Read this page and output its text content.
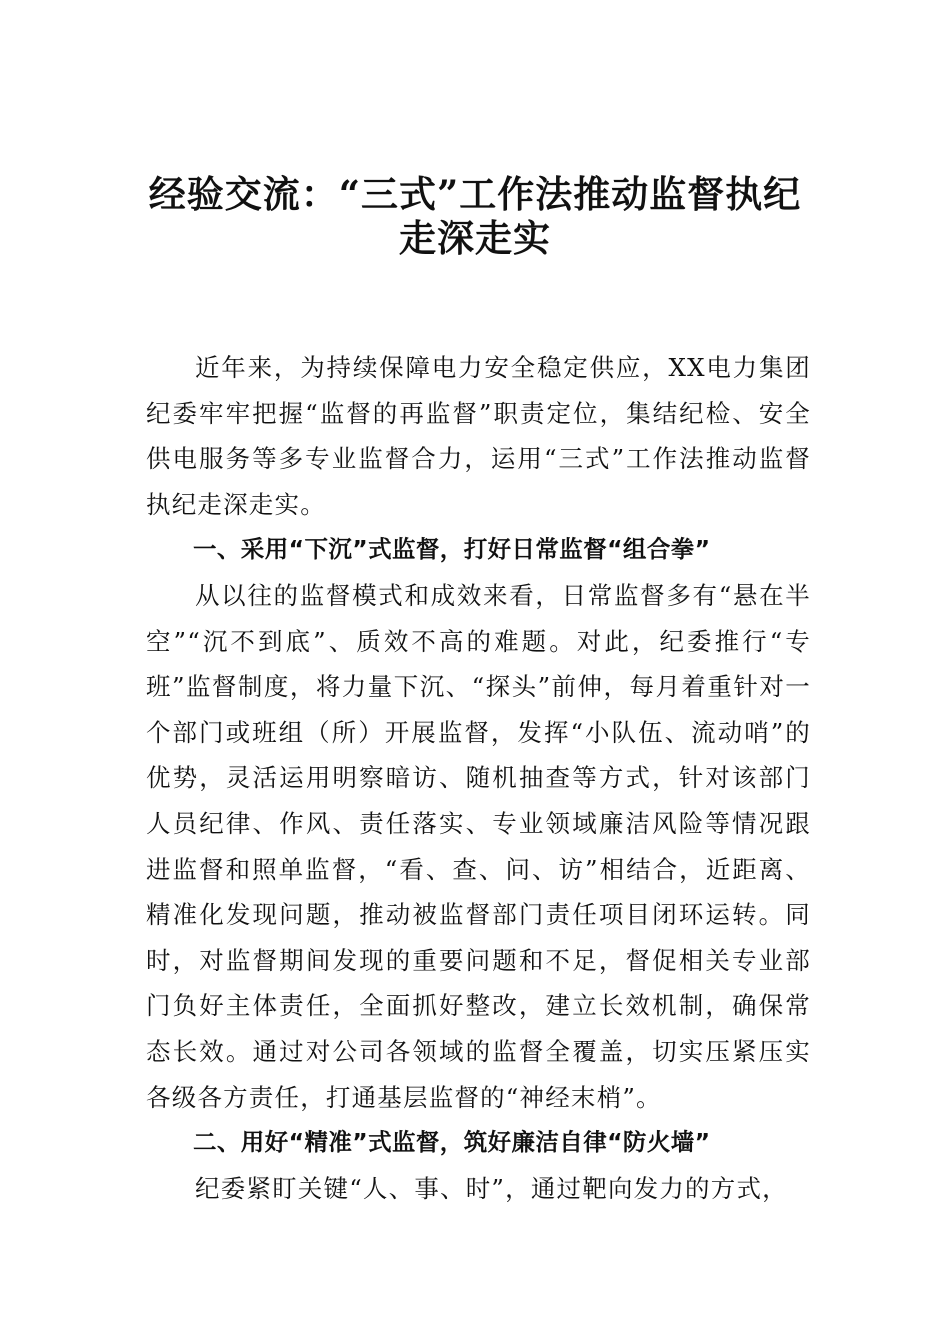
经验交流：“三式”工作法推动监督执纪
走深走实

近年来，为持续保障电力安全稳定供应，XX电力集团纪委牢牢把握“监督的再监督”职责定位，集结纪检、安全供电服务等多专业监督合力，运用“三式”工作法推动监督执纪走深走实。

一、采用“下沉”式监督，打好日常监督“组合拳”

从以往的监督模式和成效来看，日常监督多有“悬在半空”“沉不到底”、质效不高的难题。对此，纪委推行“专班”监督制度，将力量下沉、“探头”前伸，每月着重针对一个部门或班组（所）开展监督，发挥“小队伍、流动哨”的优势，灵活运用明察暗访、随机抽查等方式，针对该部门人员纪律、作风、责任落实、专业领域廉洁风险等情况跟进监督和照单监督，“看、查、问、访”相结合，近距离、精准化发现问题，推动被监督部门责任项目闭环运转。同时，对监督期间发现的重要问题和不足，督促相关专业部门负好主体责任，全面抓好整改，建立长效机制，确保常态长效。通过对公司各领域的监督全覆盖，切实压紧压实各级各方责任，打通基层监督的“神经末梢”。

二、用好“精准”式监督，筑好廉洁自律“防火墙”

纪委紧盯关键“人、事、时”，通过靶向发力的方式，
